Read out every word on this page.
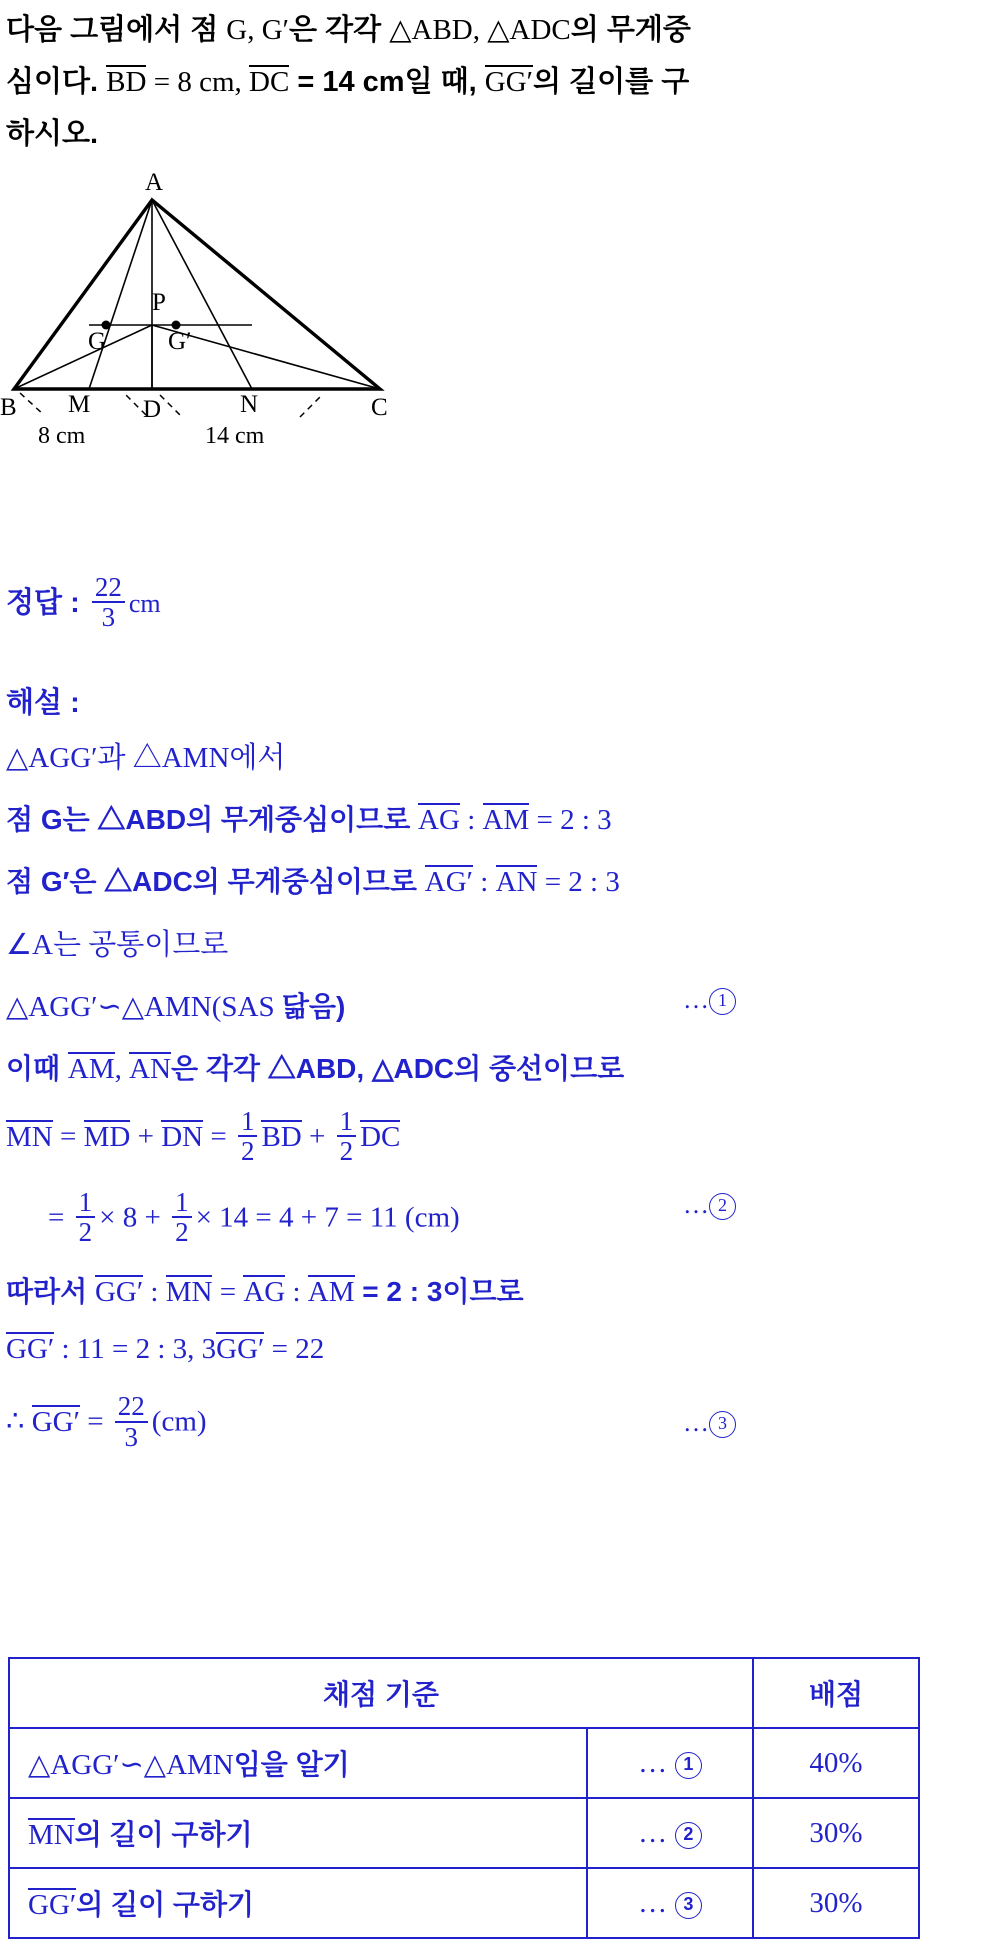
다음 그림에서 점 G, G′은 각각 △ABD, △ADC의 무게중
심이다. BD = 8 cm, DC = 14 cm일 때, GG′의 길이를 구
하시오.
A
B	C
D
M	N
P
G G′
8 cm	14 cm
정답 : $\frac{22}{3}$ cm
해설 :
△AGG′과 △AMN에서
점 G는 △ABD의 무게중심이므로 AG : AM = 2 : 3
점 G′은 △ADC의 무게중심이므로 AG′ : AN = 2 : 3
∠A는 공통이므로
△AGG′∽△AMN(SAS 닮음)	… 1
이때 AM, AN은 각각 △ABD, △ADC의 중선이므로
MN = MD + DN = $\frac{1}{2}$ BD + $\frac{1}{2}$ DC
= $\frac{1}{2} \times 8 + \frac{1}{2} \times 14 = 4 + 7 = 11$ (cm)	… 2
따라서 GG′ : MN = AG : AM = 2 : 3이므로
GG′ : 11 = 2 : 3, 3GG′ = 22
∴ $GG' = \frac{22}{3} (cm)$	… 3
채점 기준		배점
△AGG′∽△AMN임을 알기	… 1	40%
MN의 길이 구하기	… 2	30%
GG′의 길이 구하기	… 3	30%
